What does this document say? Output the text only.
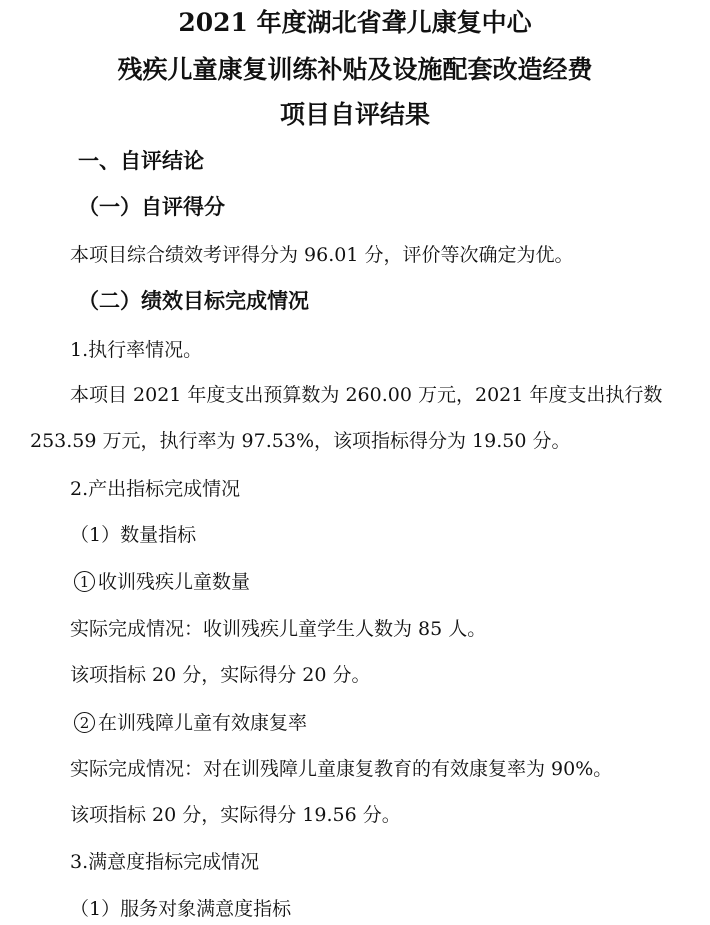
2021 年度湖北省聋儿康复中心
残疾儿童康复训练补贴及设施配套改造经费
项目自评结果
一、自评结论
（一）自评得分
本项目综合绩效考评得分为 96.01 分，评价等次确定为优。
（二）绩效目标完成情况
1.执行率情况。
本项目 2021 年度支出预算数为 260.00 万元，2021 年度支出执行数
253.59 万元，执行率为 97.53%，该项指标得分为 19.50 分。
2.产出指标完成情况
（1）数量指标
1 收训残疾儿童数量
实际完成情况：收训残疾儿童学生人数为 85 人。
该项指标 20 分，实际得分 20 分。
2 在训残障儿童有效康复率
实际完成情况：对在训残障儿童康复教育的有效康复率为 90%。
该项指标 20 分，实际得分 19.56 分。
3.满意度指标完成情况
（1）服务对象满意度指标
